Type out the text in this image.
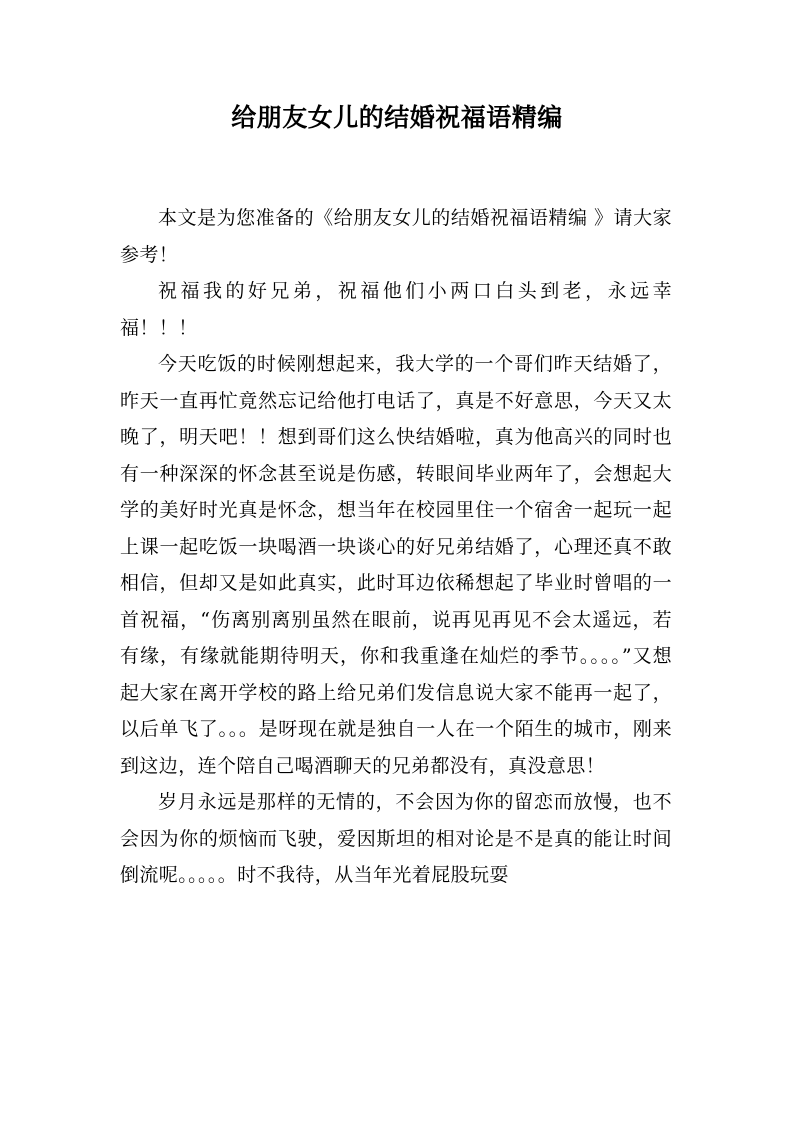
给朋友女儿的结婚祝福语精编

本文是为您准备的《给朋友女儿的结婚祝福语精编 》请大家参考！

祝福我的好兄弟，祝福他们小两口白头到老，永远幸福！！！

今天吃饭的时候刚想起来，我大学的一个哥们昨天结婚了，昨天一直再忙竟然忘记给他打电话了，真是不好意思，今天又太晚了，明天吧！！想到哥们这么快结婚啦，真为他高兴的同时也有一种深深的怀念甚至说是伤感，转眼间毕业两年了，会想起大学的美好时光真是怀念，想当年在校园里住一个宿舍一起玩一起上课一起吃饭一块喝酒一块谈心的好兄弟结婚了，心理还真不敢相信，但却又是如此真实，此时耳边依稀想起了毕业时曾唱的一首祝福，“伤离别离别虽然在眼前，说再见再见不会太遥远，若有缘，有缘就能期待明天，你和我重逢在灿烂的季节。。。。”又想起大家在离开学校的路上给兄弟们发信息说大家不能再一起了，以后单飞了。。。是呀现在就是独自一人在一个陌生的城市，刚来到这边，连个陪自己喝酒聊天的兄弟都没有，真没意思！

岁月永远是那样的无情的，不会因为你的留恋而放慢，也不会因为你的烦恼而飞驶，爱因斯坦的相对论是不是真的能让时间倒流呢。。。。。时不我待，从当年光着屁股玩耍
